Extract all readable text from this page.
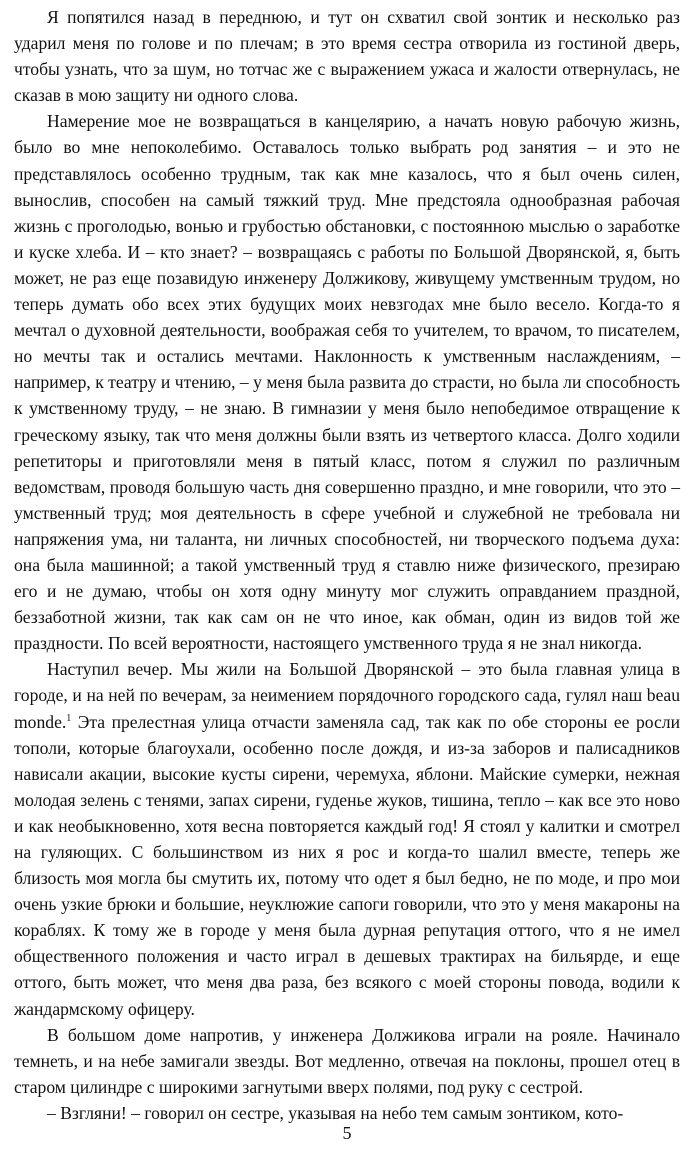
Я попятился назад в переднюю, и тут он схватил свой зонтик и несколько раз ударил меня по голове и по плечам; в это время сестра отворила из гостиной дверь, чтобы узнать, что за шум, но тотчас же с выражением ужаса и жалости отвернулась, не сказав в мою защиту ни одного слова.

Намерение мое не возвращаться в канцелярию, а начать новую рабочую жизнь, было во мне непоколебимо. Оставалось только выбрать род занятия – и это не представлялось особенно трудным, так как мне казалось, что я был очень силен, вынослив, способен на самый тяжкий труд. Мне предстояла однообразная рабочая жизнь с проголодью, вонью и грубостью обстановки, с постоянною мыслью о заработке и куске хлеба. И – кто знает? – возвращаясь с работы по Большой Дворянской, я, быть может, не раз еще позавидую инженеру Должикову, живущему умственным трудом, но теперь думать обо всех этих будущих моих невзгодах мне было весело. Когда-то я мечтал о духовной деятельности, воображая себя то учителем, то врачом, то писателем, но мечты так и остались мечтами. Наклонность к умственным наслаждениям, – например, к театру и чтению, – у меня была развита до страсти, но была ли способность к умственному труду, – не знаю. В гимназии у меня было непобедимое отвращение к греческому языку, так что меня должны были взять из четвертого класса. Долго ходили репетиторы и приготовляли меня в пятый класс, потом я служил по различным ведомствам, проводя большую часть дня совершенно праздно, и мне говорили, что это – умственный труд; моя деятельность в сфере учебной и служебной не требовала ни напряжения ума, ни таланта, ни личных способностей, ни творческого подъема духа: она была машинной; а такой умственный труд я ставлю ниже физического, презираю его и не думаю, чтобы он хотя одну минуту мог служить оправданием праздной, беззаботной жизни, так как сам он не что иное, как обман, один из видов той же праздности. По всей вероятности, настоящего умственного труда я не знал никогда.

Наступил вечер. Мы жили на Большой Дворянской – это была главная улица в городе, и на ней по вечерам, за неимением порядочного городского сада, гулял наш beau monde.$^1$ Эта прелестная улица отчасти заменяла сад, так как по обе стороны ее росли тополи, которые благоухали, особенно после дождя, и из-за заборов и палисадников нависали акации, высокие кусты сирени, черемуха, яблони. Майские сумерки, нежная молодая зелень с тенями, запах сирени, гуденье жуков, тишина, тепло – как все это ново и как необыкновенно, хотя весна повторяется каждый год! Я стоял у калитки и смотрел на гуляющих. С большинством из них я рос и когда-то шалил вместе, теперь же близость моя могла бы смутить их, потому что одет я был бедно, не по моде, и про мои очень узкие брюки и большие, неуклюжие сапоги говорили, что это у меня макароны на кораблях. К тому же в городе у меня была дурная репутация оттого, что я не имел общественного положения и часто играл в дешевых трактирах на бильярде, и еще оттого, быть может, что меня два раза, без всякого с моей стороны повода, водили к жандармскому офицеру.

В большом доме напротив, у инженера Должикова играли на рояле. Начинало темнеть, и на небе замигали звезды. Вот медленно, отвечая на поклоны, прошел отец в старом цилиндре с широкими загнутыми вверх полями, под руку с сестрой.

– Взгляни! – говорил он сестре, указывая на небо тем самым зонтиком, кото-

5
